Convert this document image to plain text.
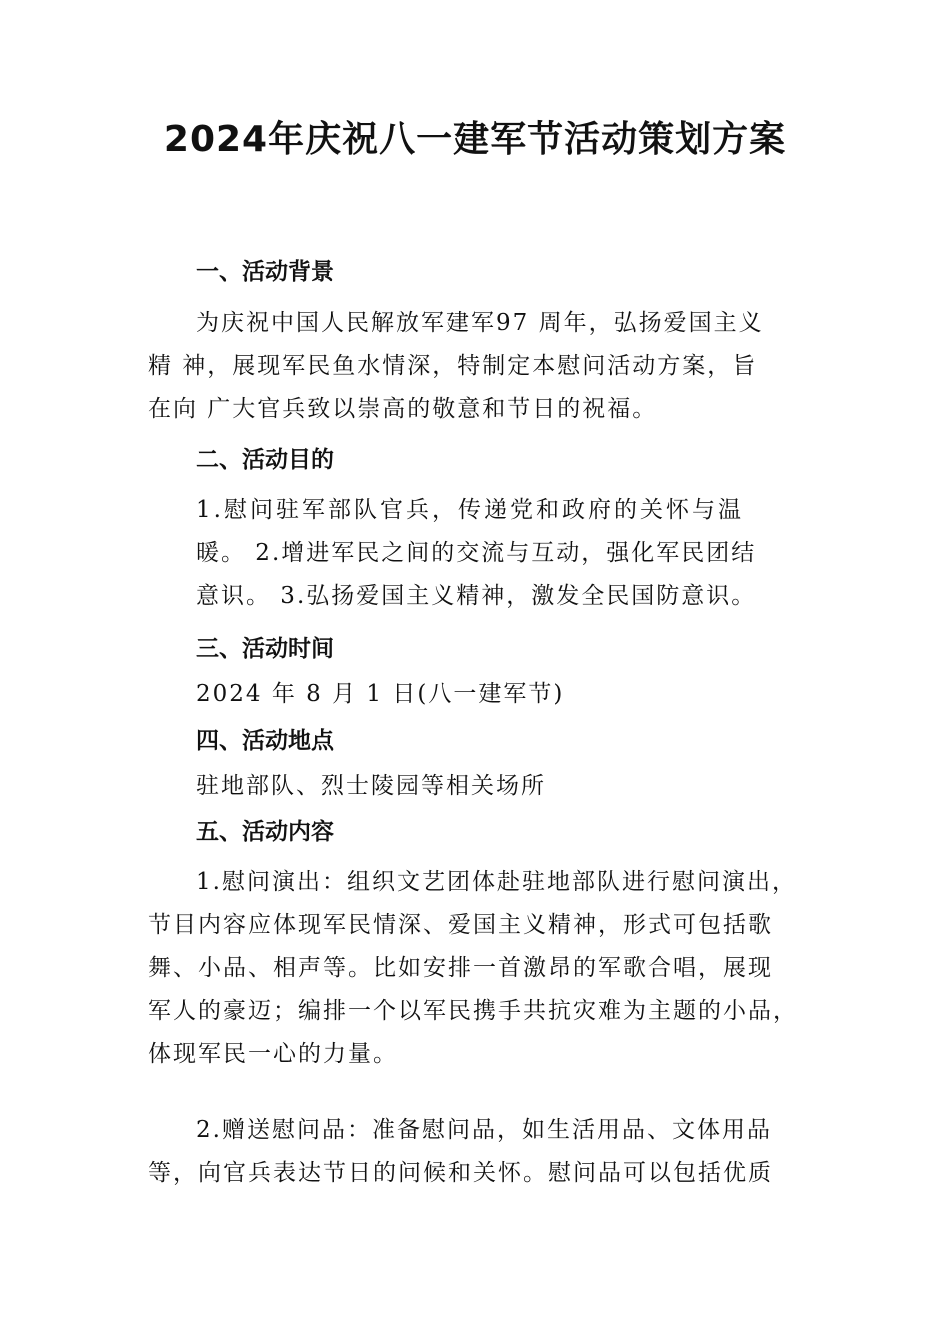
2024年庆祝八一建军节活动策划方案
一、活动背景
为庆祝中国人民解放军建军97 周年，弘扬爱国主义
精 神，展现军民鱼水情深，特制定本慰问活动方案，旨
在向 广大官兵致以崇高的敬意和节日的祝福。
二、活动目的
1.慰问驻军部队官兵，传递党和政府的关怀与温
暖。 2.增进军民之间的交流与互动，强化军民团结
意识。 3.弘扬爱国主义精神，激发全民国防意识。
三、活动时间
2024 年 8 月 1 日(八一建军节)
四、活动地点
驻地部队、烈士陵园等相关场所
五、活动内容
1.慰问演出：组织文艺团体赴驻地部队进行慰问演出，
节目内容应体现军民情深、爱国主义精神，形式可包括歌
舞、小品、相声等。比如安排一首激昂的军歌合唱，展现
军人的豪迈；编排一个以军民携手共抗灾难为主题的小品，
体现军民一心的力量。
2.赠送慰问品：准备慰问品，如生活用品、文体用品
等，向官兵表达节日的问候和关怀。慰问品可以包括优质
